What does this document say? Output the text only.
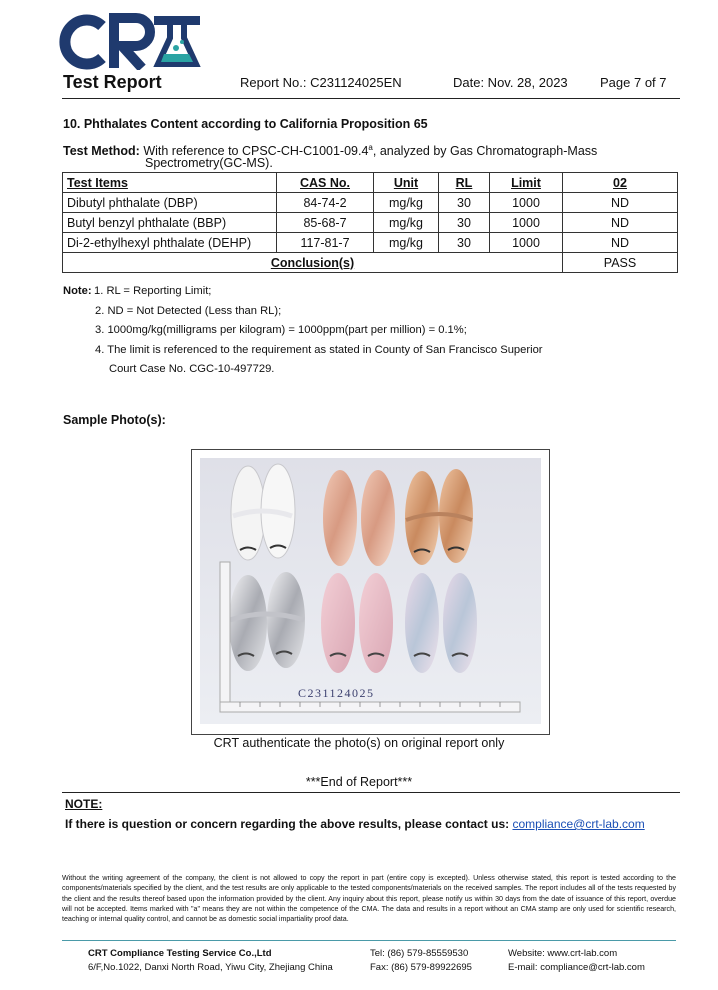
Test Report	Report No.: C231124025EN	Date: Nov. 28, 2023 Page 7 of 7
10. Phthalates Content according to California Proposition 65
Test Method: With reference to CPSC-CH-C1001-09.4$^a$, analyzed by Gas Chromatograph-Mass
Spectrometry(GC-MS).
Test Items	CAS No.	Unit	RL	Limit	02
Dibutyl phthalate (DBP)	84-74-2	mg/kg	30	1000	ND
Butyl benzyl phthalate (BBP)	85-68-7	mg/kg	30	1000	ND
Di-2-ethylhexyl phthalate (DEHP)	117-81-7	mg/kg	30	1000	ND
Conclusion(s)					PASS
Note: 1. RL = Reporting Limit;
2. ND = Not Detected (Less than RL);
3. 1000mg/kg(milligrams per kilogram) = 1000ppm(part per million) = 0.1%;
4. The limit is referenced to the requirement as stated in County of San Francisco Superior
Court Case No. CGC-10-497729.
Sample Photo(s):
C231124025
CRT authenticate the photo(s) on original report only
***End of Report***
NOTE:
If there is question or concern regarding the above results, please contact us: compliance@crt-lab.com
Without the writing agreement of the company, the client is not allowed to copy the report in part (entire copy is excepted). Unless otherwise stated, this report is tested according to the components/materials specified by the client, and the test results are only applicable to the tested components/materials on the received samples. The report includes all of the tests requested by the client and the results thereof based upon the information provided by the client. Any inquiry about this report, please notify us within 30 days from the date of issuance of this report, overdue will not be accepted. Items marked with "a" means they are not within the competence of the CMA. The data and results in a report without an CMA stamp are only used for scientific research, teaching or internal quality control, and cannot be as domestic social impartiality proof data.
CRT Compliance Testing Service Co.,Ltd
6/F,No.1022, Danxi North Road, Yiwu City, Zhejiang China
Tel: (86) 579-85559530
Fax: (86) 579-89922695
Website: www.crt-lab.com
E-mail: compliance@crt-lab.com
